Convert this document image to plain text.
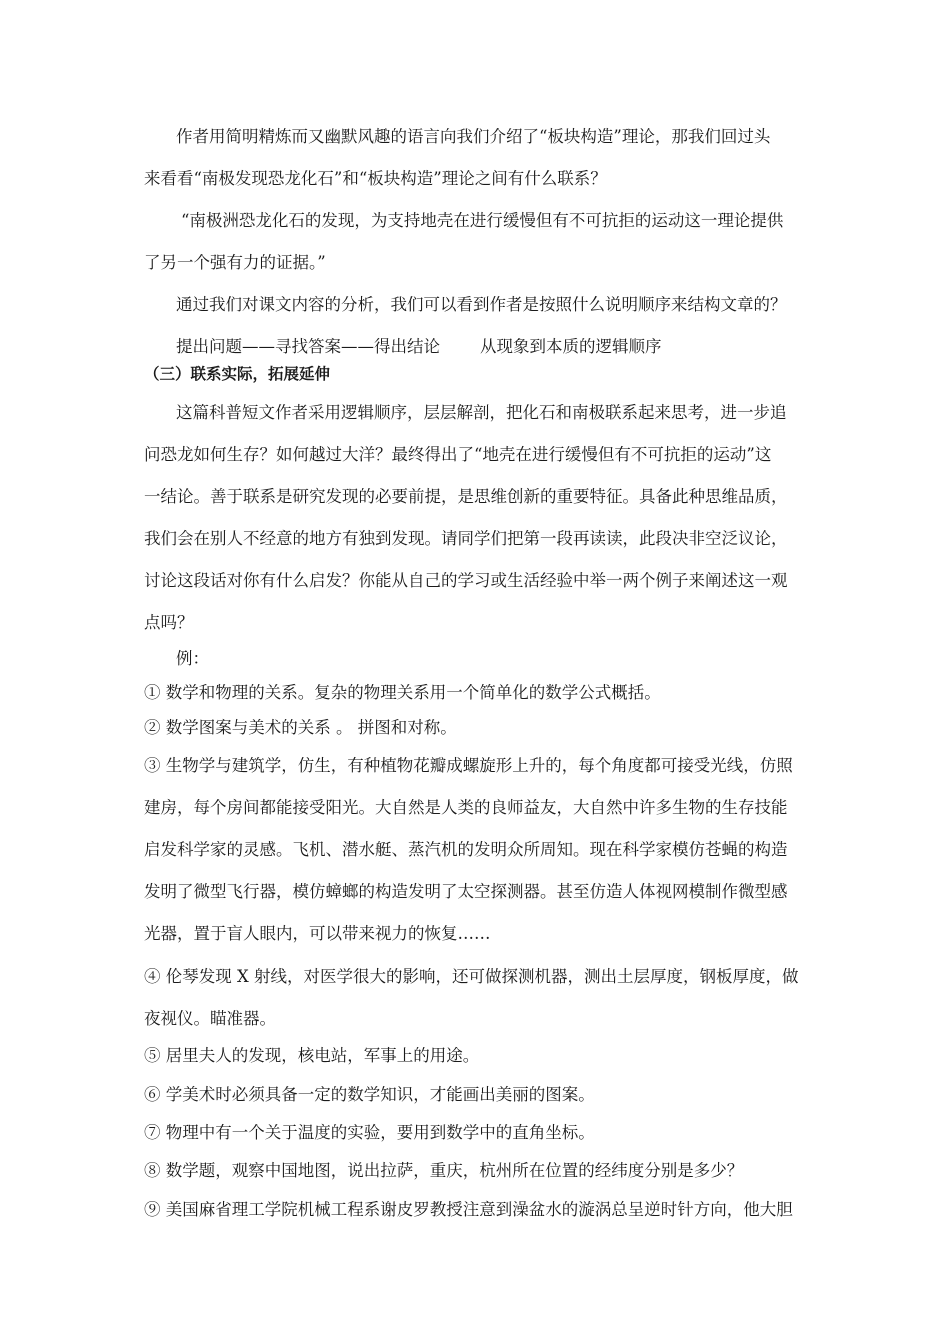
作者用简明精炼而又幽默风趣的语言向我们介绍了“板块构造”理论，那我们回过头
来看看“南极发现恐龙化石”和“板块构造”理论之间有什么联系？
“南极洲恐龙化石的发现，为支持地壳在进行缓慢但有不可抗拒的运动这一理论提供
了另一个强有力的证据。”
通过我们对课文内容的分析，我们可以看到作者是按照什么说明顺序来结构文章的？
提出问题——寻找答案——得出结论 从现象到本质的逻辑顺序
（三）联系实际，拓展延伸
这篇科普短文作者采用逻辑顺序，层层解剖，把化石和南极联系起来思考，进一步追
问恐龙如何生存？如何越过大洋？最终得出了“地壳在进行缓慢但有不可抗拒的运动”这
一结论。善于联系是研究发现的必要前提，是思维创新的重要特征。具备此种思维品质，
我们会在别人不经意的地方有独到发现。请同学们把第一段再读读，此段决非空泛议论，
讨论这段话对你有什么启发？你能从自己的学习或生活经验中举一两个例子来阐述这一观
点吗？
例：
① 数学和物理的关系。复杂的物理关系用一个简单化的数学公式概括。
② 数学图案与美术的关系 。 拼图和对称。
③ 生物学与建筑学，仿生，有种植物花瓣成螺旋形上升的，每个角度都可接受光线，仿照
建房，每个房间都能接受阳光。大自然是人类的良师益友，大自然中许多生物的生存技能
启发科学家的灵感。飞机、潜水艇、蒸汽机的发明众所周知。现在科学家模仿苍蝇的构造
发明了微型飞行器，模仿蟑螂的构造发明了太空探测器。甚至仿造人体视网模制作微型感
光器，置于盲人眼内，可以带来视力的恢复……
④ 伦琴发现 X 射线，对医学很大的影响，还可做探测机器，测出土层厚度，钢板厚度，做
夜视仪。瞄准器。
⑤ 居里夫人的发现，核电站，军事上的用途。
⑥ 学美术时必须具备一定的数学知识，才能画出美丽的图案。
⑦ 物理中有一个关于温度的实验，要用到数学中的直角坐标。
⑧ 数学题，观察中国地图，说出拉萨，重庆，杭州所在位置的经纬度分别是多少？
⑨ 美国麻省理工学院机械工程系谢皮罗教授注意到澡盆水的漩涡总呈逆时针方向，他大胆
